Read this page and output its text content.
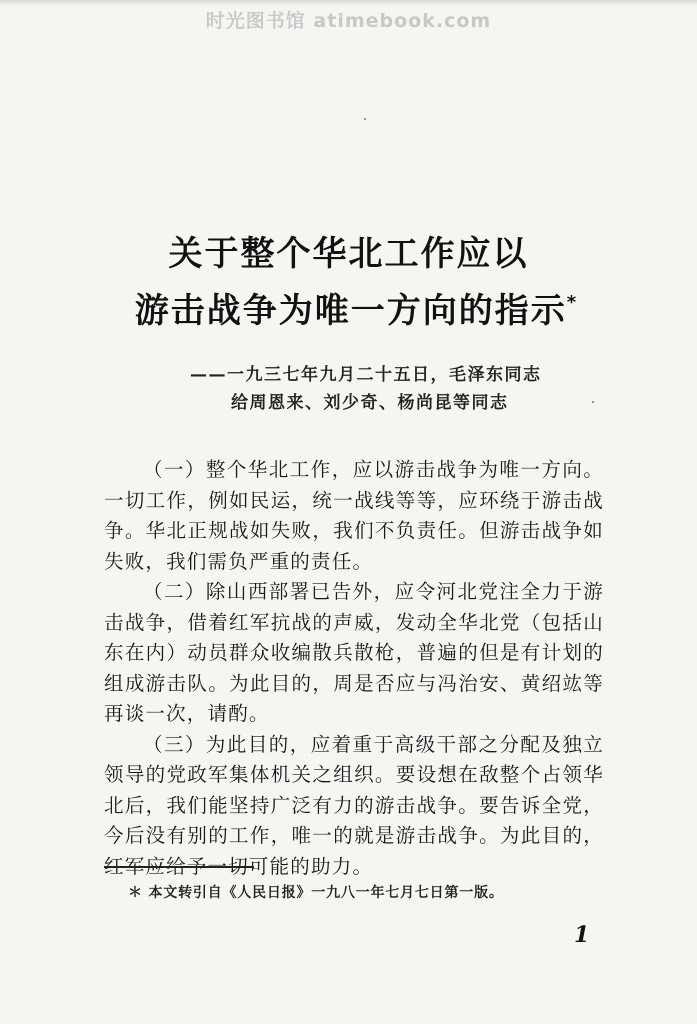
时光图书馆 atimebook.com
关于整个华北工作应以
游击战争为唯一方向的指示*
——一九三七年九月二十五日，毛泽东同志
给周恩来、刘少奇、杨尚昆等同志

（一）整个华北工作，应以游击战争为唯一方向。一切工作，例如民运，统一战线等等，应环绕于游击战争。华北正规战如失败，我们不负责任。但游击战争如失败，我们需负严重的责任。

（二）除山西部署已告外，应令河北党注全力于游击战争，借着红军抗战的声威，发动全华北党（包括山东在内）动员群众收编散兵散枪，普遍的但是有计划的组成游击队。为此目的，周是否应与冯治安、黄绍竑等再谈一次，请酌。

（三）为此目的，应着重于高级干部之分配及独立领导的党政军集体机关之组织。要设想在敌整个占领华北后，我们能坚持广泛有力的游击战争。要告诉全党，今后没有别的工作，唯一的就是游击战争。为此目的，红军应给予一切可能的助力。

＊ 本文转引自《人民日报》一九八一年七月七日第一版。
1
